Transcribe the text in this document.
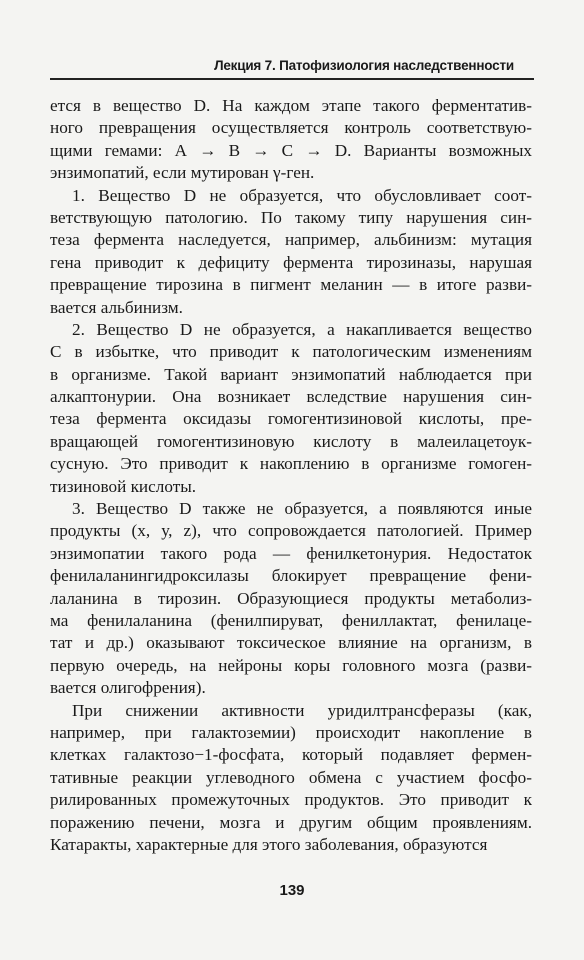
Лекция 7. Патофизиология наследственности
ется в вещество D. На каждом этапе такого ферментатив-
ного превращения осуществляется контроль соответствую-
щими гемами: А → В → С → D. Варианты возможных
энзимопатий, если мутирован γ-ген.
1. Вещество D не образуется, что обусловливает соот-
ветствующую патологию. По такому типу нарушения син-
теза фермента наследуется, например, альбинизм: мутация
гена приводит к дефициту фермента тирозиназы, нарушая
превращение тирозина в пигмент меланин — в итоге разви-
вается альбинизм.
2. Вещество D не образуется, а накапливается вещество
С в избытке, что приводит к патологическим изменениям
в организме. Такой вариант энзимопатий наблюдается при
алкаптонурии. Она возникает вследствие нарушения син-
теза фермента оксидазы гомогентизиновой кислоты, пре-
вращающей гомогентизиновую кислоту в малеилацетоук-
сусную. Это приводит к накоплению в организме гомоген-
тизиновой кислоты.
3. Вещество D также не образуется, а появляются иные
продукты (х, у, z), что сопровождается патологией. Пример
энзимопатии такого рода — фенилкетонурия. Недостаток
фенилаланингидроксилазы блокирует превращение фени-
лаланина в тирозин. Образующиеся продукты метаболиз-
ма фенилаланина (фенилпируват, фениллактат, фенилаце-
тат и др.) оказывают токсическое влияние на организм, в
первую очередь, на нейроны коры головного мозга (разви-
вается олигофрения).
При снижении активности уридилтрансферазы (как,
например, при галактоземии) происходит накопление в
клетках галактозо−1-фосфата, который подавляет фермен-
тативные реакции углеводного обмена с участием фосфо-
рилированных промежуточных продуктов. Это приводит к
поражению печени, мозга и другим общим проявлениям.
Катаракты, характерные для этого заболевания, образуются
139
